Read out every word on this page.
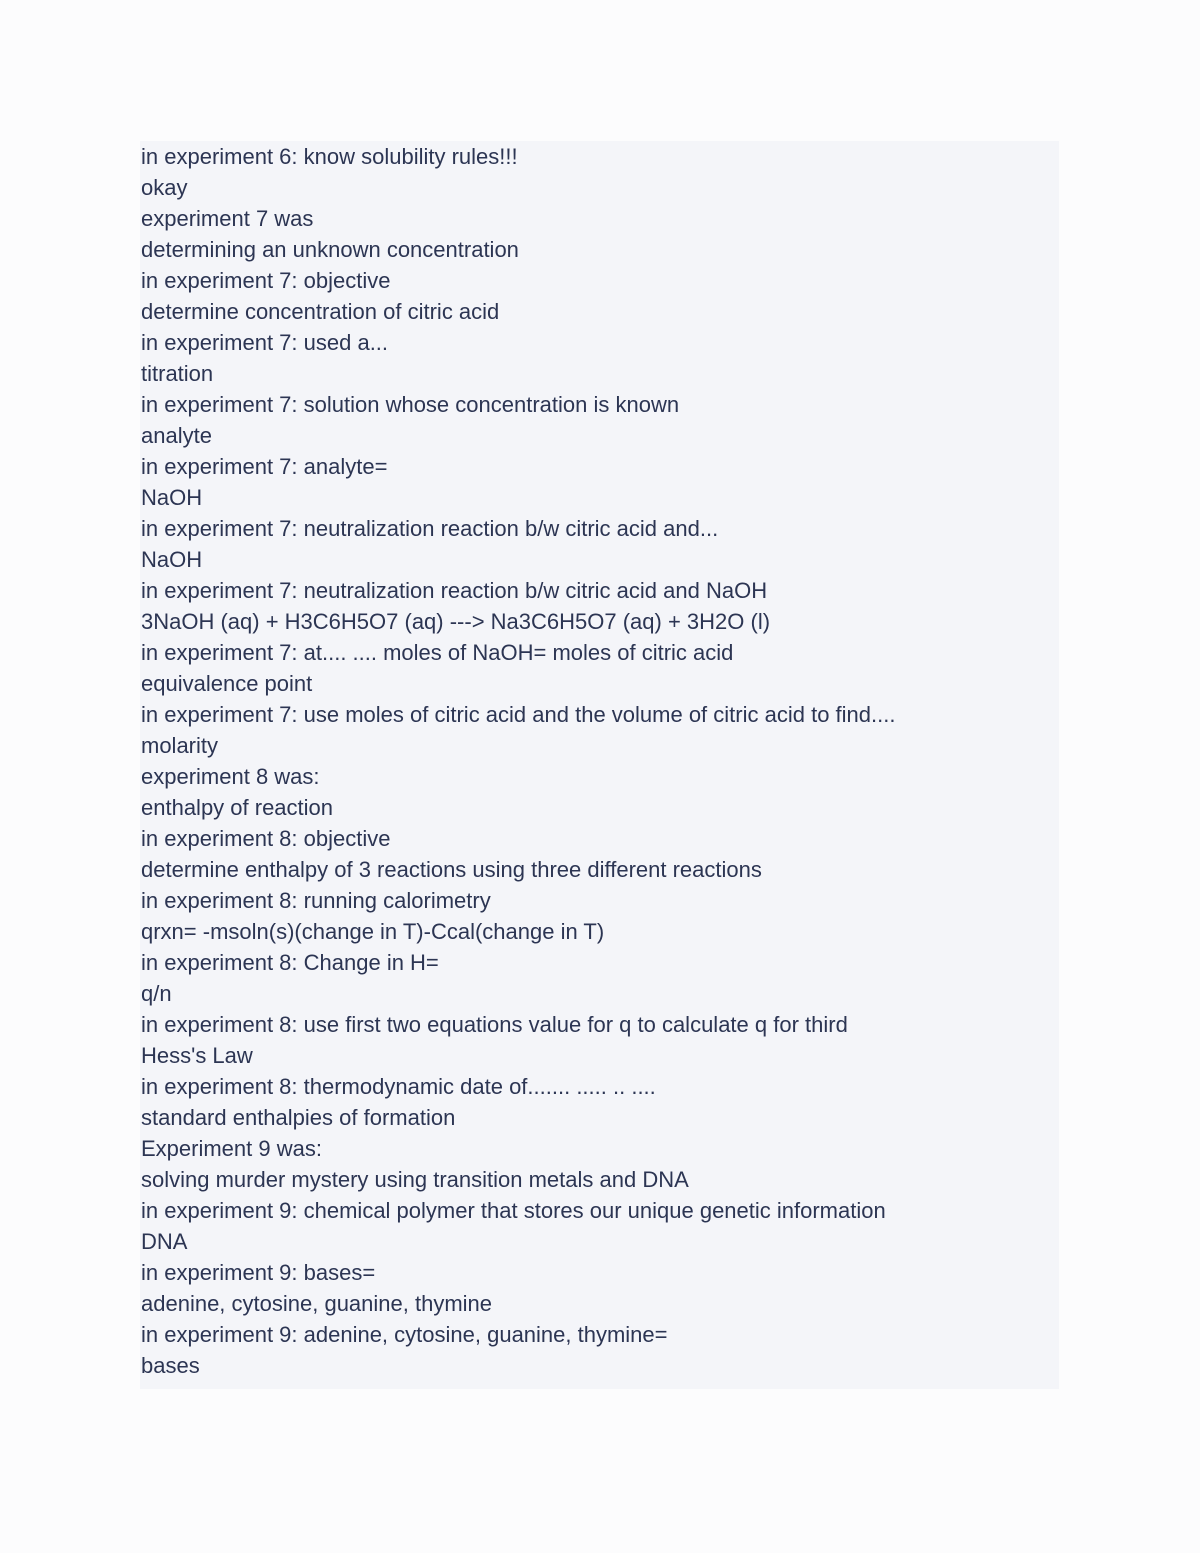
in experiment 6: know solubility rules!!!

okay

experiment 7 was

determining an unknown concentration

in experiment 7: objective

determine concentration of citric acid

in experiment 7: used a...

titration

in experiment 7: solution whose concentration is known

analyte

in experiment 7: analyte=

NaOH

in experiment 7: neutralization reaction b/w citric acid and...

NaOH

in experiment 7: neutralization reaction b/w citric acid and NaOH

3NaOH (aq) + H3C6H5O7 (aq) ---> Na3C6H5O7 (aq) + 3H2O (l)

in experiment 7: at.... .... moles of NaOH= moles of citric acid

equivalence point

in experiment 7: use moles of citric acid and the volume of citric acid to find....

molarity

experiment 8 was:

enthalpy of reaction

in experiment 8: objective

determine enthalpy of 3 reactions using three different reactions

in experiment 8: running calorimetry

qrxn= -msoln(s)(change in T)-Ccal(change in T)

in experiment 8: Change in H=

q/n

in experiment 8: use first two equations value for q to calculate q for third

Hess's Law

in experiment 8: thermodynamic date of....... ..... .. ....

standard enthalpies of formation

Experiment 9 was:

solving murder mystery using transition metals and DNA

in experiment 9: chemical polymer that stores our unique genetic information

DNA

in experiment 9: bases=

adenine, cytosine, guanine, thymine

in experiment 9: adenine, cytosine, guanine, thymine=

bases
